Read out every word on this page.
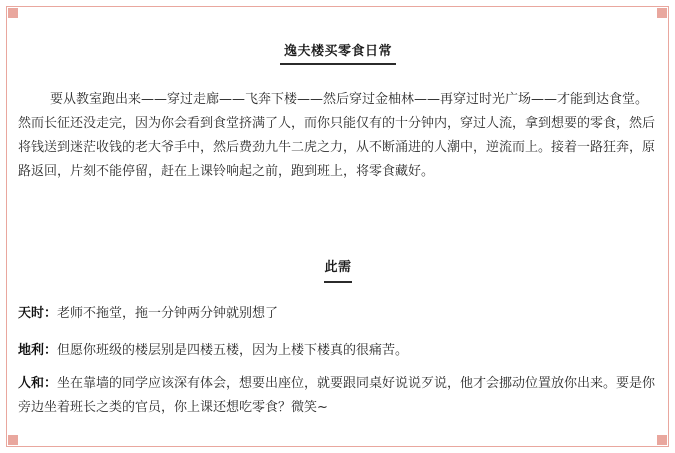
逸夫楼买零食日常
要从教室跑出来——穿过走廊——飞奔下楼——然后穿过金柚林——再穿过时光广场——才能到达食堂。然而长征还没走完，因为你会看到食堂挤满了人，而你只能仅有的十分钟内，穿过人流，拿到想要的零食，然后将钱送到迷茫收钱的老大爷手中，然后费劲九牛二虎之力，从不断涌进的人潮中，逆流而上。接着一路狂奔，原路返回，片刻不能停留，赶在上课铃响起之前，跑到班上，将零食藏好。
此需
天时：老师不拖堂，拖一分钟两分钟就别想了
地利：但愿你班级的楼层别是四楼五楼，因为上楼下楼真的很痛苦。
人和：坐在靠墙的同学应该深有体会，想要出座位，就要跟同桌好说说歹说，他才会挪动位置放你出来。要是你旁边坐着班长之类的官员，你上课还想吃零食？微笑~
